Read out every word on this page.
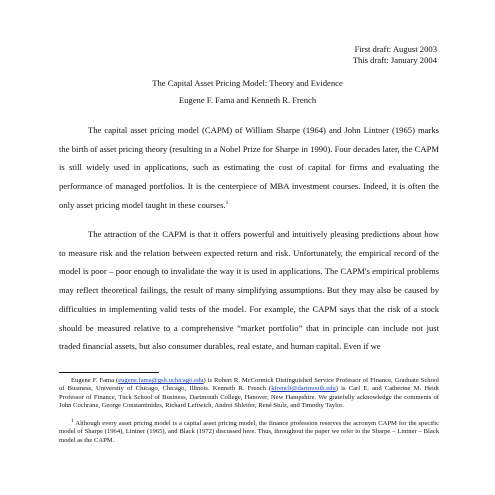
First draft: August 2003
This draft: January 2004
The Capital Asset Pricing Model: Theory and Evidence
Eugene F. Fama and Kenneth R. French

The capital asset pricing model (CAPM) of William Sharpe (1964) and John Lintner (1965) marks the birth of asset pricing theory (resulting in a Nobel Prize for Sharpe in 1990). Four decades later, the CAPM is still widely used in applications, such as estimating the cost of capital for firms and evaluating the performance of managed portfolios. It is the centerpiece of MBA investment courses. Indeed, it is often the only asset pricing model taught in these courses.$^1$

The attraction of the CAPM is that it offers powerful and intuitively pleasing predictions about how to measure risk and the relation between expected return and risk. Unfortunately, the empirical record of the model is poor – poor enough to invalidate the way it is used in applications. The CAPM's empirical problems may reflect theoretical failings, the result of many simplifying assumptions. But they may also be caused by difficulties in implementing valid tests of the model. For example, the CAPM says that the risk of a stock should be measured relative to a comprehensive “market portfolio” that in principle can include not just traded financial assets, but also consumer durables, real estate, and human capital. Even if we

Eugene F. Fama (eugene.fama@gsb.uchicago.edu) is Robert R. McCormick Distinguished Service Professor of Finance, Graduate School of Business, University of Chicago, Chicago, Illinois. Kenneth R. French (kfrench@dartmouth.edu) is Carl E. and Catherine M. Heidt Professor of Finance, Tuck School of Business, Dartmouth College, Hanover, New Hampshire. We gratefully acknowledge the comments of John Cochrane, George Constantinides, Richard Leftwich, Andrei Shleifer, René Stulz, and Timothy Taylor.

$^1$ Although every asset pricing model is a capital asset pricing model, the finance profession reserves the acronym CAPM for the specific model of Sharpe (1964), Lintner (1965), and Black (1972) discussed here. Thus, throughout the paper we refer to the Sharpe – Lintner – Black model as the CAPM.
